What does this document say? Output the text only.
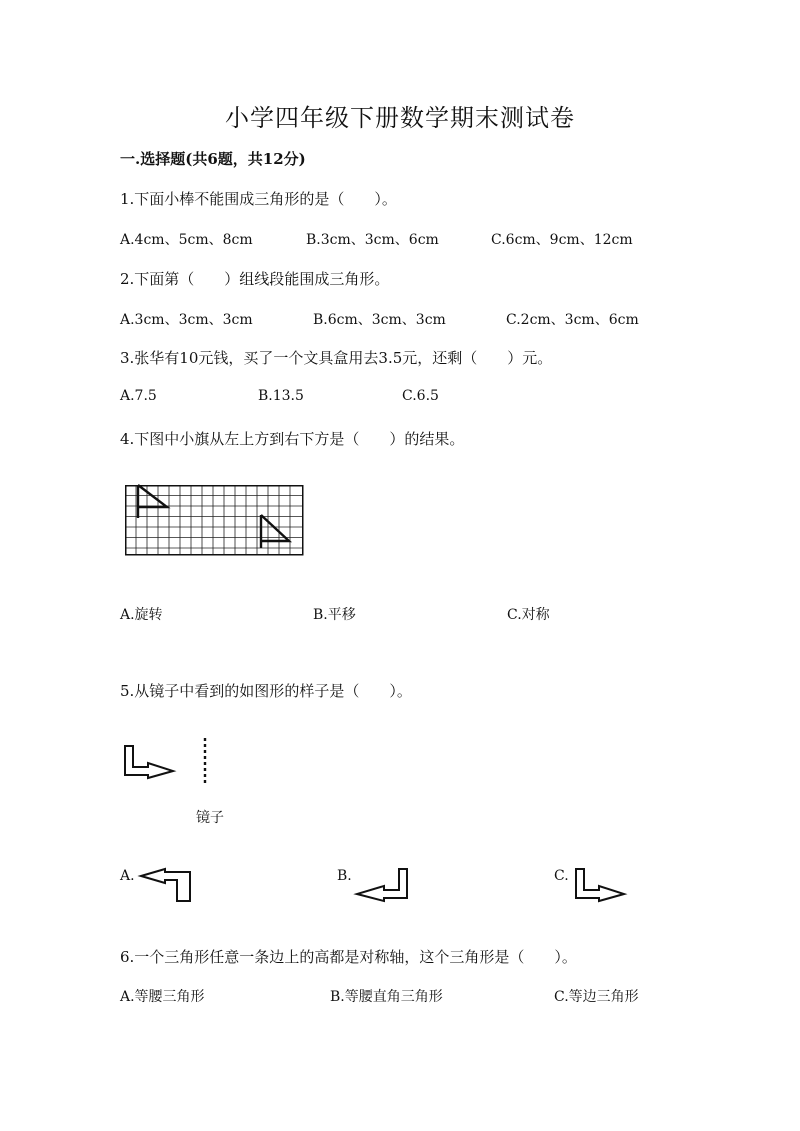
小学四年级下册数学期末测试卷
一.选择题(共6题，共12分)
1.下面小棒不能围成三角形的是（　　）。
A.4cm、5cm、8cm	B.3cm、3cm、6cm	C.6cm、9cm、12cm
2.下面第（　　）组线段能围成三角形。
A.3cm、3cm、3cm	B.6cm、3cm、3cm	C.2cm、3cm、6cm
3.张华有10元钱，买了一个文具盒用去3.5元，还剩（　　）元。
A.7.5	B.13.5	C.6.5
4.下图中小旗从左上方到右下方是（　　）的结果。
A.旋转	B.平移	C.对称
5.从镜子中看到的如图形的样子是（　　）。
镜子
A.	B.	C.
6.一个三角形任意一条边上的高都是对称轴，这个三角形是（　　）。
A.等腰三角形	B.等腰直角三角形	C.等边三角形
